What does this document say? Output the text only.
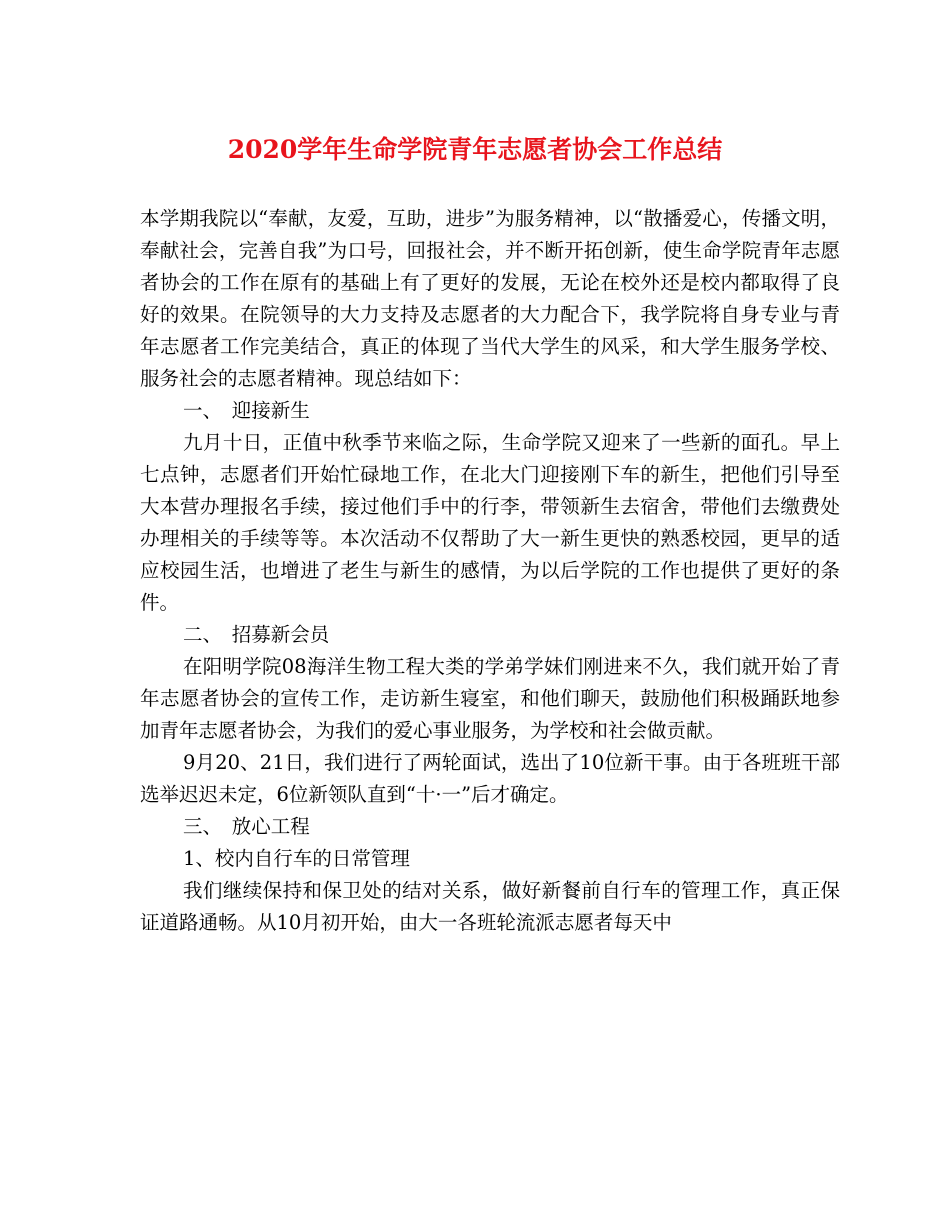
2020学年生命学院青年志愿者协会工作总结

本学期我院以“奉献，友爱，互助，进步”为服务精神，以“散播爱心，传播文明，奉献社会，完善自我”为口号，回报社会，并不断开拓创新，使生命学院青年志愿者协会的工作在原有的基础上有了更好的发展，无论在校外还是校内都取得了良好的效果。在院领导的大力支持及志愿者的大力配合下，我学院将自身专业与青年志愿者工作完美结合，真正的体现了当代大学生的风采，和大学生服务学校、服务社会的志愿者精神。现总结如下：

一、　迎接新生

九月十日，正值中秋季节来临之际，生命学院又迎来了一些新的面孔。早上七点钟，志愿者们开始忙碌地工作，在北大门迎接刚下车的新生，把他们引导至大本营办理报名手续，接过他们手中的行李，带领新生去宿舍，带他们去缴费处办理相关的手续等等。本次活动不仅帮助了大一新生更快的熟悉校园，更早的适应校园生活，也增进了老生与新生的感情，为以后学院的工作也提供了更好的条件。

二、　招募新会员

在阳明学院08海洋生物工程大类的学弟学妹们刚进来不久，我们就开始了青年志愿者协会的宣传工作，走访新生寝室，和他们聊天，鼓励他们积极踊跃地参加青年志愿者协会，为我们的爱心事业服务，为学校和社会做贡献。

9月20、21日，我们进行了两轮面试，选出了10位新干事。由于各班班干部选举迟迟未定，6位新领队直到“十·一”后才确定。

三、　放心工程

1、校内自行车的日常管理

我们继续保持和保卫处的结对关系，做好新餐前自行车的管理工作，真正保证道路通畅。从10月初开始，由大一各班轮流派志愿者每天中
